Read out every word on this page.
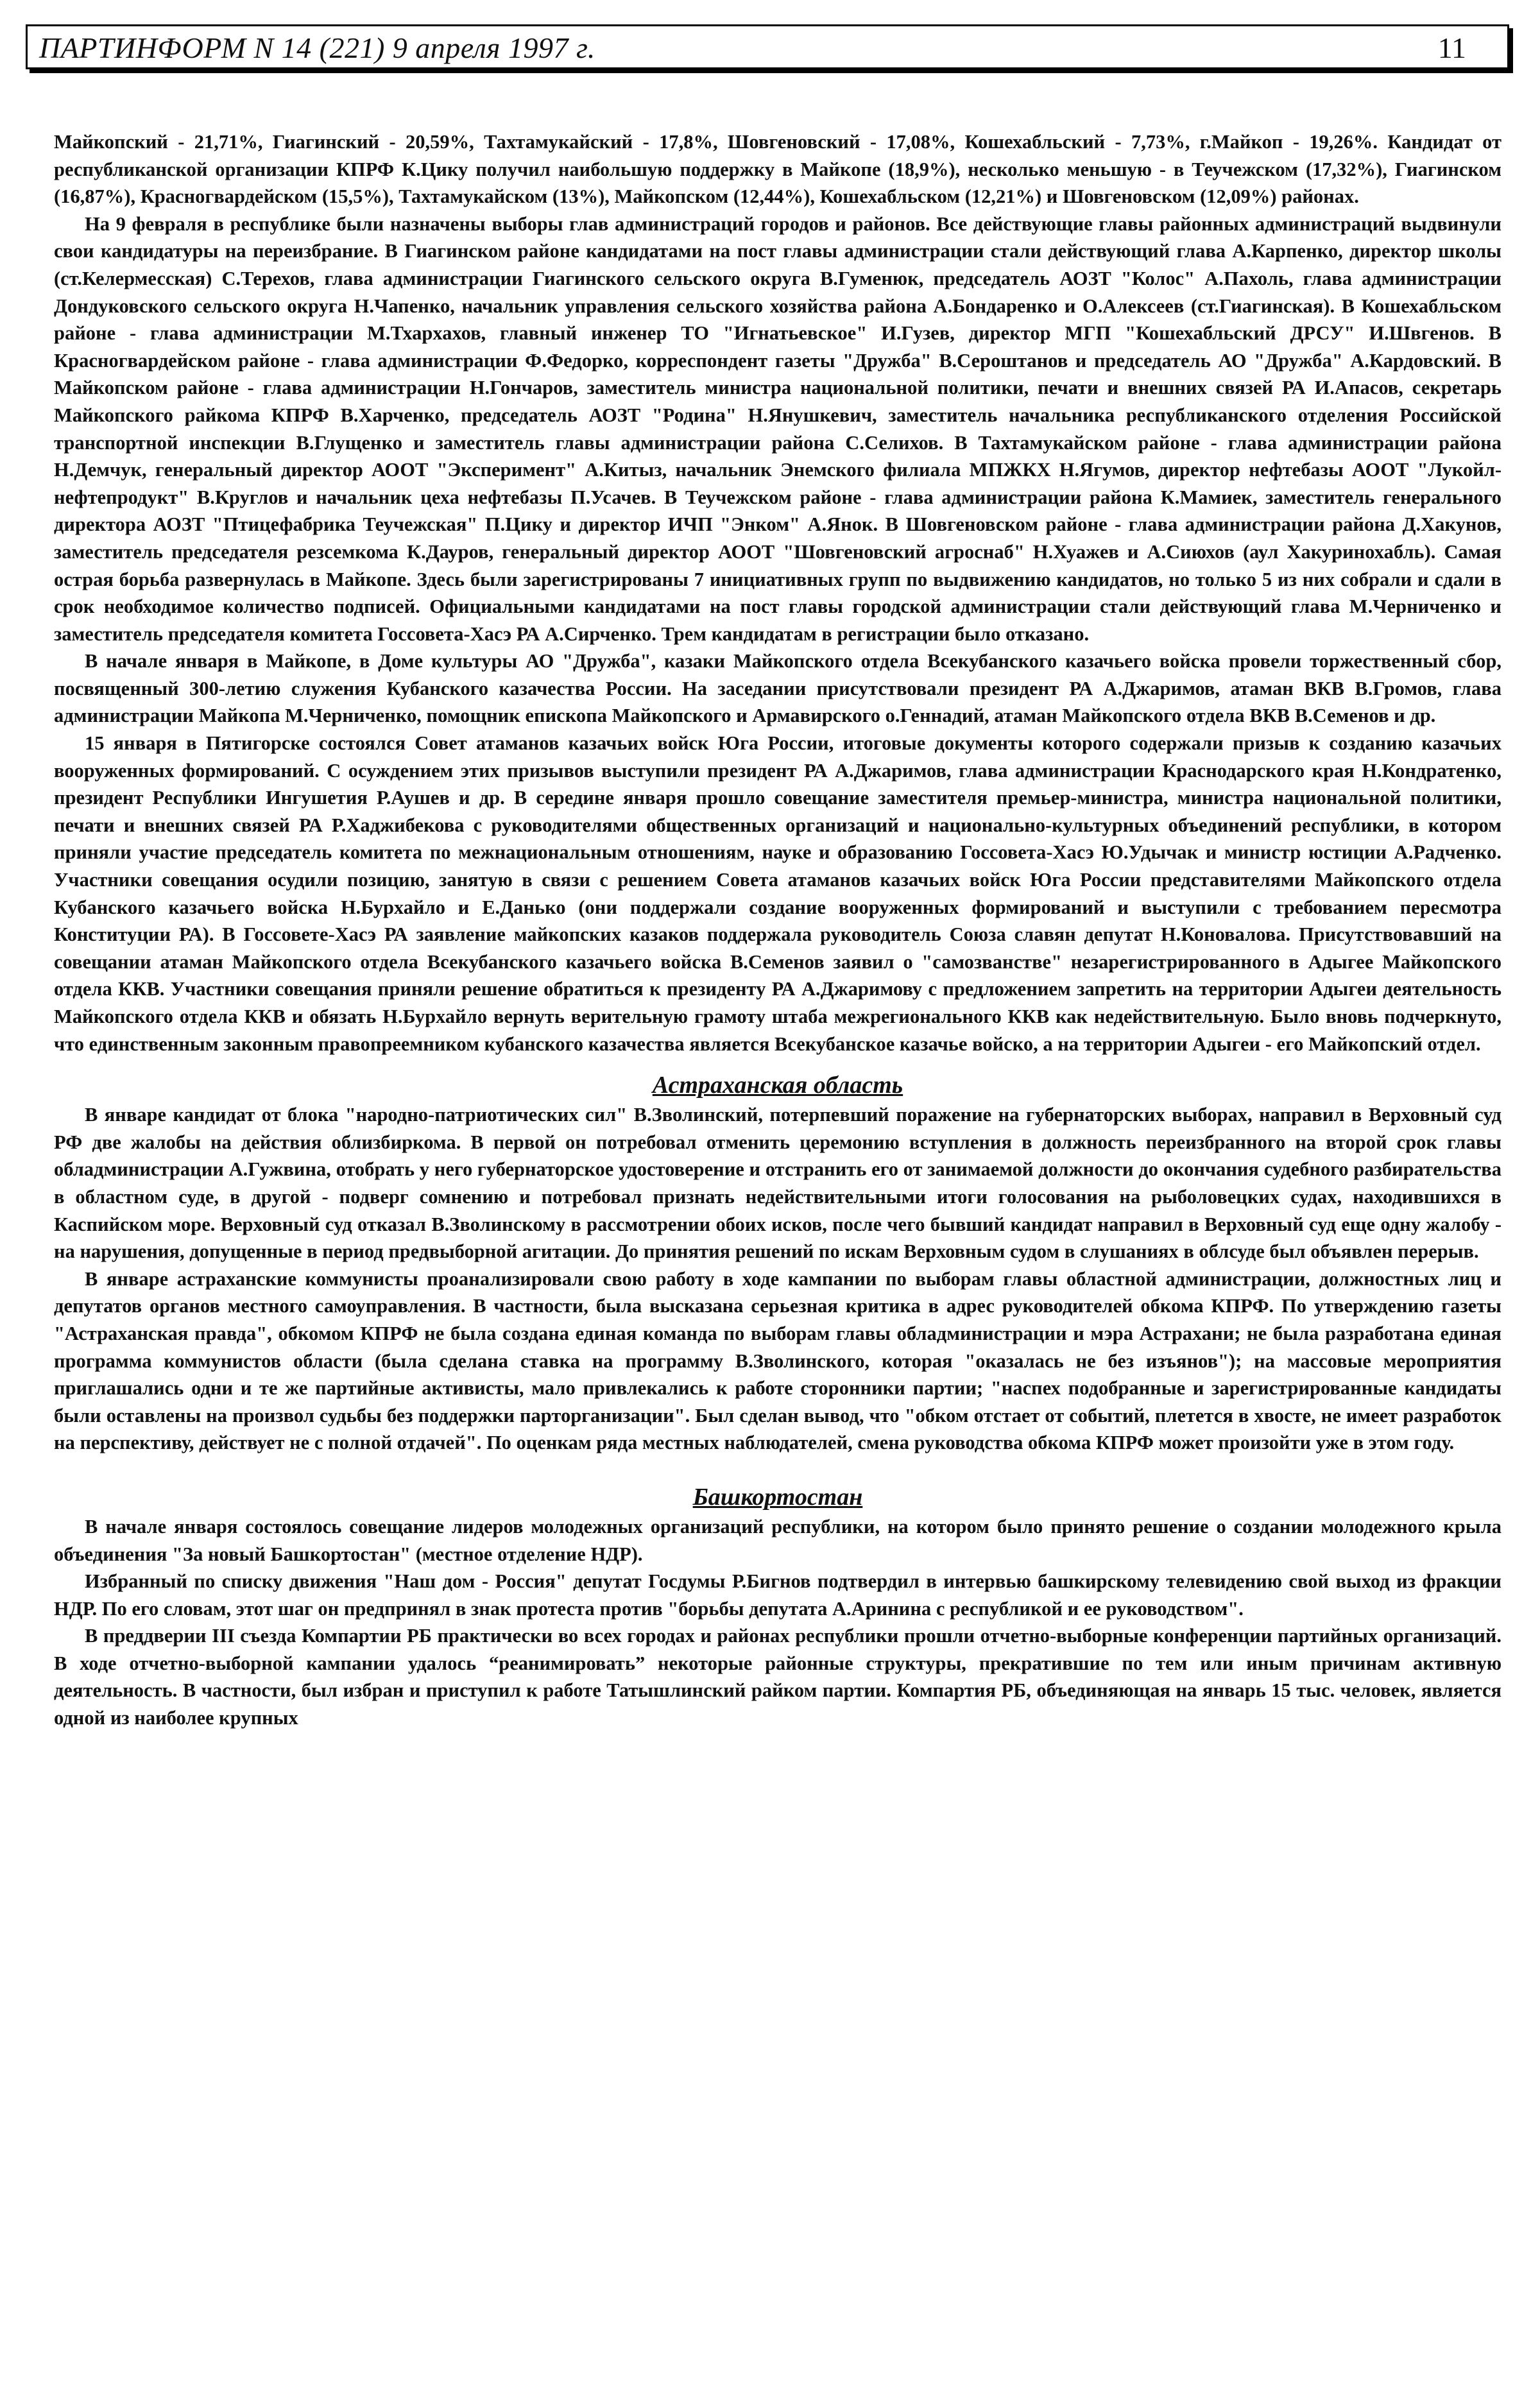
ПАРТИНФОРМ N 14 (221) 9 апреля 1997 г.	11

Майкопский - 21,71%, Гиагинский - 20,59%, Тахтамукайский - 17,8%, Шовгеновский - 17,08%, Кошехабльский - 7,73%, г.Майкоп - 19,26%. Кандидат от республиканской организации КПРФ К.Цику получил наибольшую поддержку в Майкопе (18,9%), несколько меньшую - в Теучежском (17,32%), Гиагинском (16,87%), Красногвардейском (15,5%), Тахтамукайском (13%), Майкопском (12,44%), Кошехабльском (12,21%) и Шовгеновском (12,09%) районах.

На 9 февраля в республике были назначены выборы глав администраций городов и районов. Все действующие главы районных администраций выдвинули свои кандидатуры на переизбрание. В Гиагинском районе кандидатами на пост главы администрации стали действующий глава А.Карпенко, директор школы (ст.Келермесская) С.Терехов, глава администрации Гиагинского сельского округа В.Гуменюк, председатель АОЗТ "Колос" А.Пахоль, глава администрации Дондуковского сельского округа Н.Чапенко, начальник управления сельского хозяйства района А.Бондаренко и О.Алексеев (ст.Гиагинская). В Кошехабльском районе - глава администрации М.Тхархахов, главный инженер ТО "Игнатьевское" И.Гузев, директор МГП "Кошехабльский ДРСУ" И.Швгенов. В Красногвардейском районе - глава администрации Ф.Федорко, корреспондент газеты "Дружба" В.Серoштанов и председатель АО "Дружба" А.Кардовский. В Майкопском районе - глава администрации Н.Гончаров, заместитель министра национальной политики, печати и внешних связей РА И.Апасов, секретарь Майкопского райкома КПРФ В.Харченко, председатель АОЗТ "Родина" Н.Янушкевич, заместитель начальника республиканского отделения Российской транспортной инспекции В.Глущенко и заместитель главы администрации района С.Селихов. В Тахтамукайском районе - глава администрации района Н.Демчук, генеральный директор АООТ "Эксперимент" А.Китыз, начальник Энемского филиала МПЖКХ Н.Ягумов, директор нефтебазы АООТ "Лукойл-нефтепродукт" В.Круглов и начальник цеха нефтебазы П.Усачев. В Теучежском районе - глава администрации района К.Мамиек, заместитель генерального директора АОЗТ "Птицефабрика Теучежская" П.Цику и директор ИЧП "Энком" А.Янок. В Шовгеновском районе - глава администрации района Д.Хакунов, заместитель председателя резсемкома К.Дауров, генеральный директор АООТ "Шовгеновский агроснаб" Н.Хуажев и А.Сиюхов (аул Хакуринохабль). Самая острая борьба развернулась в Майкопе. Здесь были зарегистрированы 7 инициативных групп по выдвижению кандидатов, но только 5 из них собрали и сдали в срок необходимое количество подписей. Официальными кандидатами на пост главы городской администрации стали действующий глава М.Черниченко и заместитель председателя комитета Госсовета-Хасэ РА А.Сирченко. Трем кандидатам в регистрации было отказано.

В начале января в Майкопе, в Доме культуры АО "Дружба", казаки Майкопского отдела Всекубанского казачьего войска провели торжественный сбор, посвященный 300-летию служения Кубанского казачества России. На заседании присутствовали президент РА А.Джаримов, атаман ВКВ В.Громов, глава администрации Майкопа М.Черниченко, помощник епископа Майкопского и Армавирского о.Геннадий, атаман Майкопского отдела ВКВ В.Семенов и др.

15 января в Пятигорске состоялся Совет атаманов казачьих войск Юга России, итоговые документы которого содержали призыв к созданию казачьих вооруженных формирований. С осуждением этих призывов выступили президент РА А.Джаримов, глава администрации Краснодарского края Н.Кондратенко, президент Республики Ингушетия Р.Аушев и др. В середине января прошло совещание заместителя премьер-министра, министра национальной политики, печати и внешних связей РА Р.Хаджибекова с руководителями общественных организаций и национально-культурных объединений республики, в котором приняли участие председатель комитета по межнациональным отношениям, науке и образованию Госсовета-Хасэ Ю.Удычак и министр юстиции А.Радченко. Участники совещания осудили позицию, занятую в связи с решением Совета атаманов казачьих войск Юга России представителями Майкопского отдела Кубанского казачьего войска Н.Бурхайло и Е.Данько (они поддержали создание вооруженных формирований и выступили с требованием пересмотра Конституции РА). В Госсовете-Хасэ РА заявление майкопских казаков поддержала руководитель Союза славян депутат Н.Коновалова. Присутствовавший на совещании атаман Майкопского отдела Всекубанского казачьего войска В.Семенов заявил о "самозванстве" незарегистрированного в Адыгее Майкопского отдела ККВ. Участники совещания приняли решение обратиться к президенту РА А.Джаримову с предложением запретить на территории Адыгеи деятельность Майкопского отдела ККВ и обязать Н.Бурхайло вернуть верительную грамоту штаба межрегионального ККВ как недействительную. Было вновь подчеркнуто, что единственным законным правопреемником кубанского казачества является Всекубанское казачье войско, а на территории Адыгеи - его Майкопский отдел.

Астраханская область

В январе кандидат от блока "народно-патриотических сил" В.Зволинский, потерпевший поражение на губернаторских выборах, направил в Верховный суд РФ две жалобы на действия облизбиркома. В первой он потребовал отменить церемонию вступления в должность переизбранного на второй срок главы обладминистрации А.Гужвина, отобрать у него губернаторское удостоверение и отстранить его от занимаемой должности до окончания судебного разбирательства в областном суде, в другой - подверг сомнению и потребовал признать недействительными итоги голосования на рыболовецких судах, находившихся в Каспийском море. Верховный суд отказал В.Зволинскому в рассмотрении обоих исков, после чего бывший кандидат направил в Верховный суд еще одну жалобу - на нарушения, допущенные в период предвыборной агитации. До принятия решений по искам Верховным судом в слушаниях в облсуде был объявлен перерыв.

В январе астраханские коммунисты проанализировали свою работу в ходе кампании по выборам главы областной администрации, должностных лиц и депутатов органов местного самоуправления. В частности, была высказана серьезная критика в адрес руководителей обкома КПРФ. По утверждению газеты "Астраханская правда", обкомом КПРФ не была создана единая команда по выборам главы обладминистрации и мэра Астрахани; не была разработана единая программа коммунистов области (была сделана ставка на программу В.Зволинского, которая "оказалась не без изъянов"); на массовые мероприятия приглашались одни и те же партийные активисты, мало привлекались к работе сторонники партии; "наспех подобранные и зарегистрированные кандидаты были оставлены на произвол судьбы без поддержки парторганизации". Был сделан вывод, что "обком отстает от событий, плетется в хвосте, не имеет разработок на перспективу, действует не с полной отдачей". По оценкам ряда местных наблюдателей, смена руководства обкома КПРФ может произойти уже в этом году.

Башкортостан

В начале января состоялось совещание лидеров молодежных организаций республики, на котором было принято решение о создании молодежного крыла объединения "За новый Башкортостан" (местное отделение НДР).

Избранный по списку движения "Наш дом - Россия" депутат Госдумы Р.Бигнов подтвердил в интервью башкирскому телевидению свой выход из фракции НДР. По его словам, этот шаг он предпринял в знак протеста против "борьбы депутата А.Аринина с республикой и ее руководством".

В преддверии III съезда Компартии РБ практически во всех городах и районах республики прошли отчетно-выборные конференции партийных организаций. В ходе отчетно-выборной кампании удалось “реанимировать” некоторые районные структуры, прекратившие по тем или иным причинам активную деятельность. В частности, был избран и приступил к работе Татышлинский райком партии. Компартия РБ, объединяющая на январь 15 тыс. человек, является одной из наиболее крупных
